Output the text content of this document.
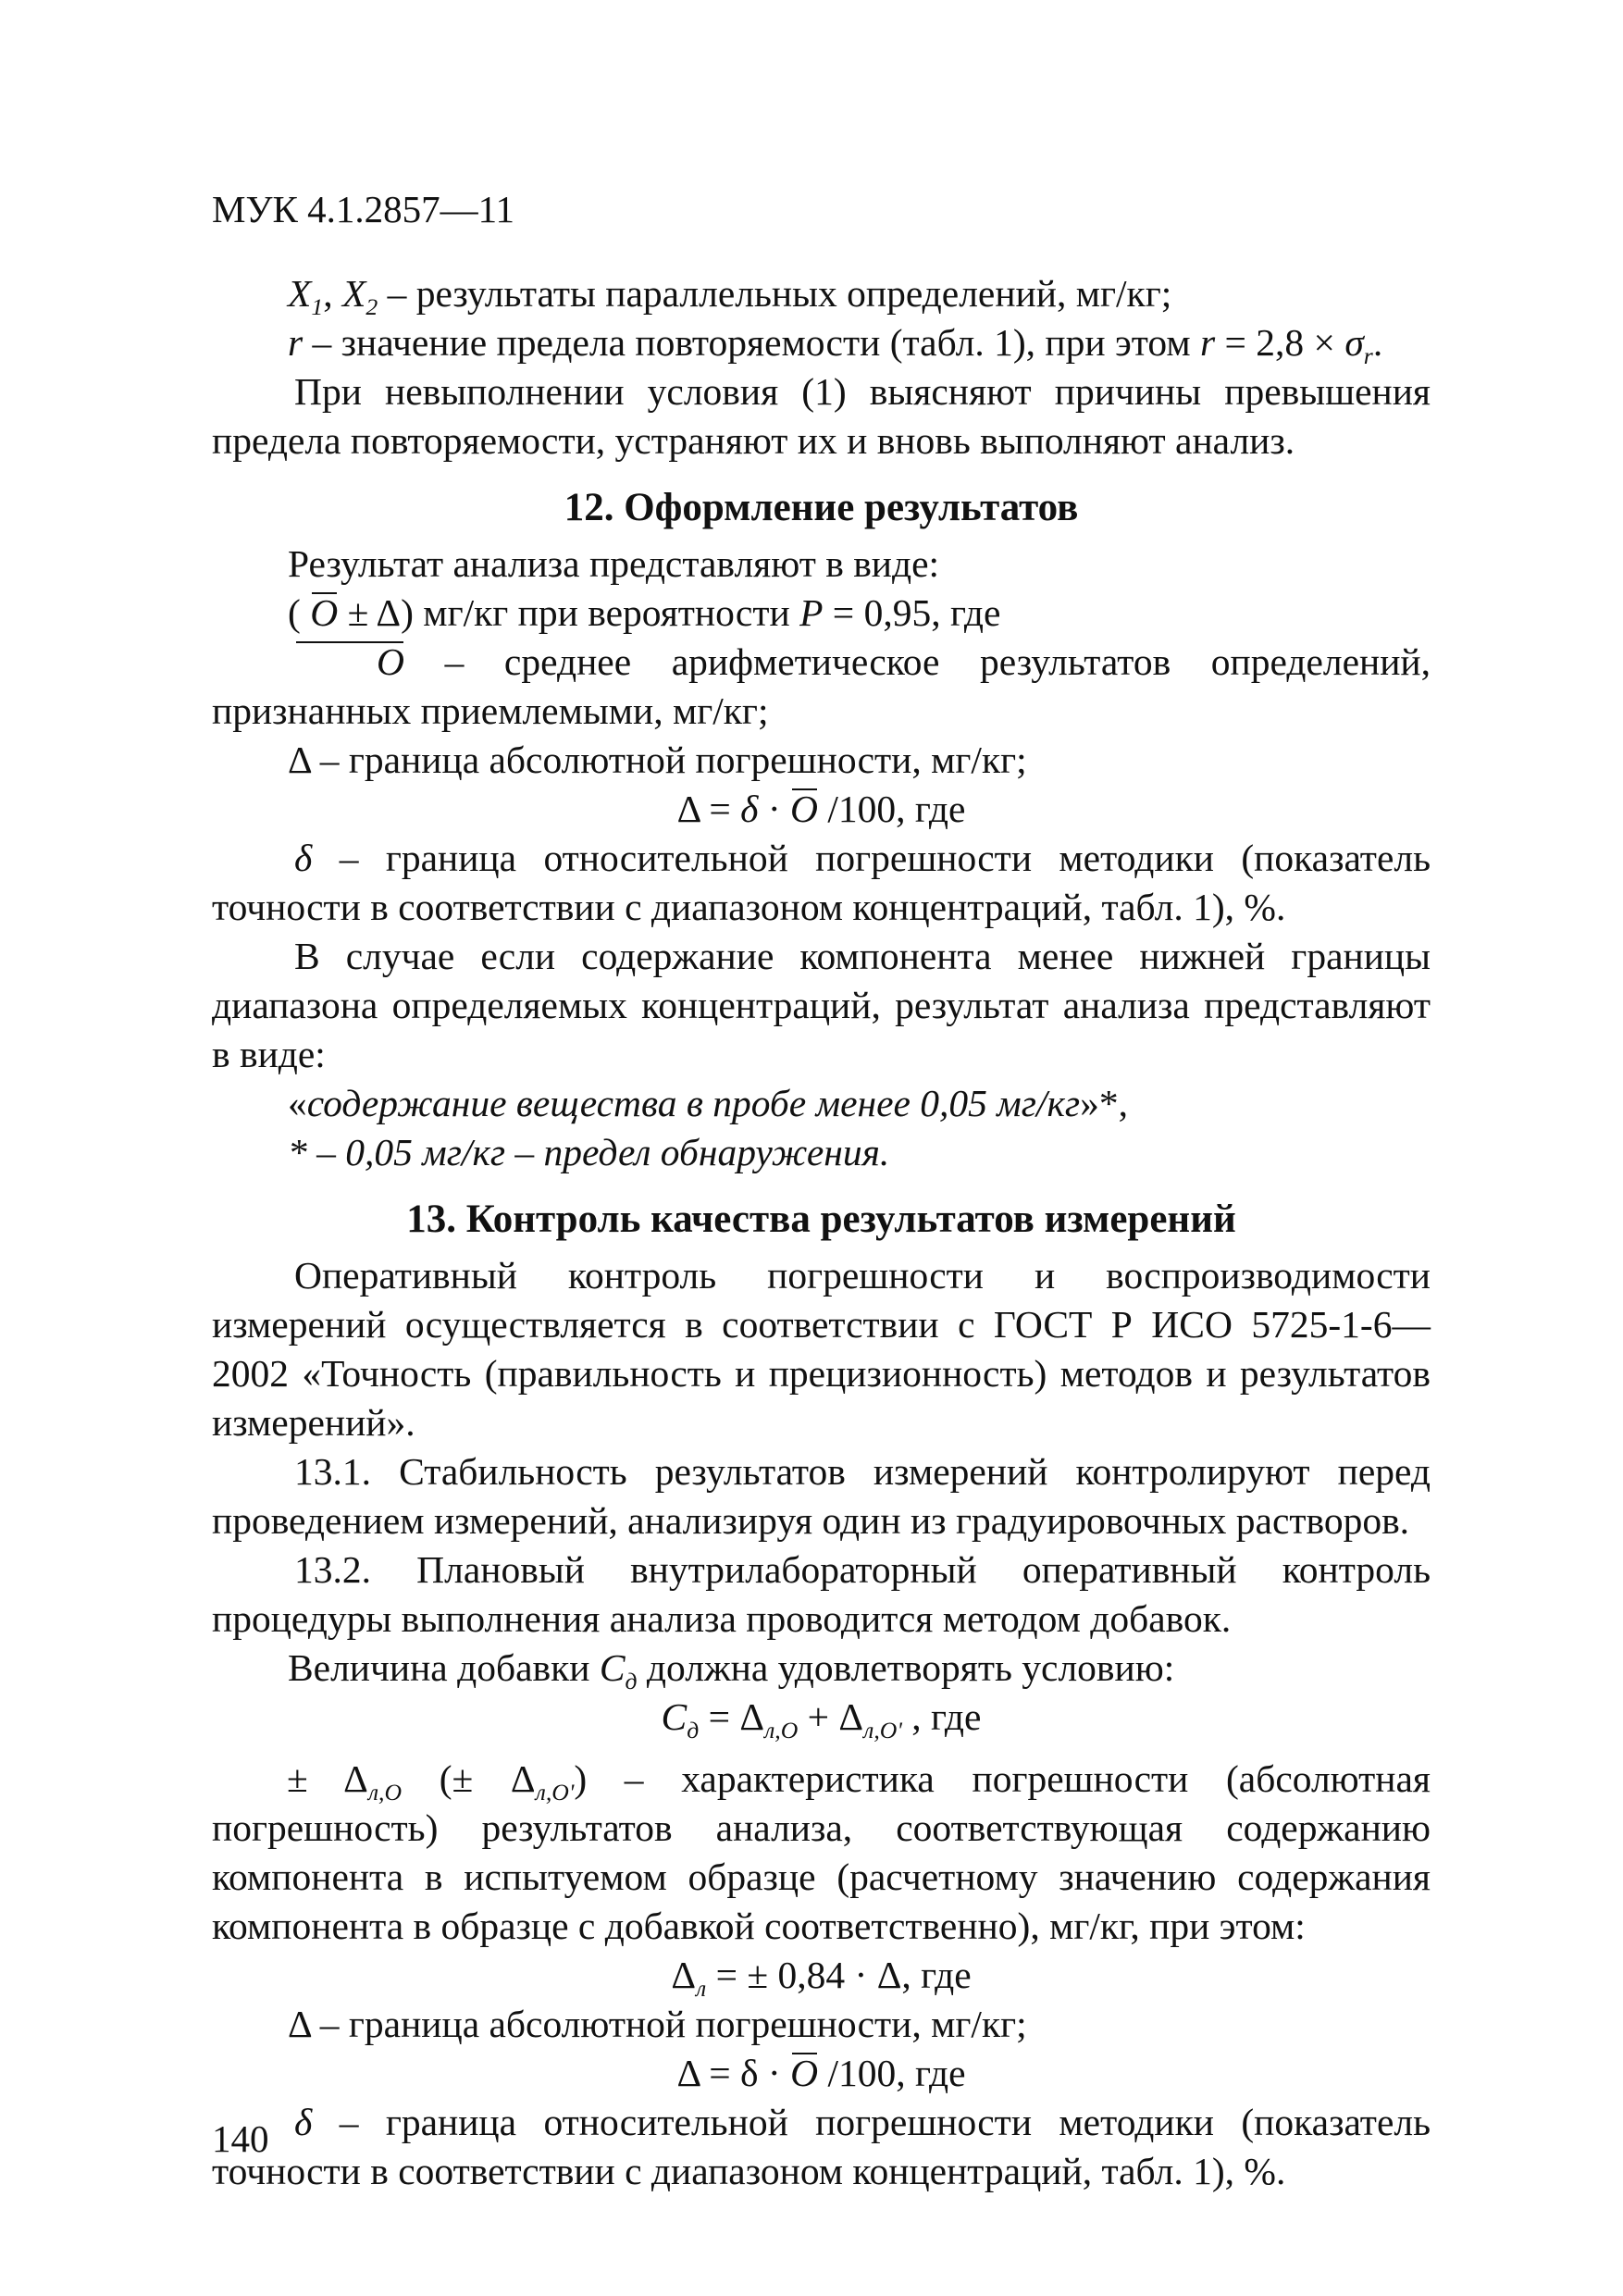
МУК 4.1.2857—11

$X_1$, $X_2$ – результаты параллельных определений, мг/кг;

r – значение предела повторяемости (табл. 1), при этом $r = 2,8 \times \sigma_r$.

При невыполнении условия (1) выясняют причины превышения предела повторяемости, устраняют их и вновь выполняют анализ.

12. Оформление результатов

Результат анализа представляют в виде:

( О ± Δ) мг/кг при вероятности P = 0,95, где

О – среднее арифметическое результатов определений, признанных приемлемыми, мг/кг;

Δ – граница абсолютной погрешности, мг/кг;

Δ = δ · О /100, где

δ – граница относительной погрешности методики (показатель точности в соответствии с диапазоном концентраций, табл. 1), %.

В случае если содержание компонента менее нижней границы диапазона определяемых концентраций, результат анализа представляют в виде:

«содержание вещества в пробе менее 0,05 мг/кг»*,

* – 0,05 мг/кг – предел обнаружения.

13. Контроль качества результатов измерений

Оперативный контроль погрешности и воспроизводимости измерений осуществляется в соответствии с ГОСТ Р ИСО 5725-1-6—2002 «Точность (правильность и прецизионность) методов и результатов измерений».

13.1. Стабильность результатов измерений контролируют перед проведением измерений, анализируя один из градуировочных растворов.

13.2. Плановый внутрилабораторный оперативный контроль процедуры выполнения анализа проводится методом добавок.

Величина добавки $C_д$ должна удовлетворять условию:

$C_д = \Delta_{л,О} + \Delta_{л,О'}$ , где

± $\Delta_{л,О}$ (± $\Delta_{л,О'}$) – характеристика погрешности (абсолютная погрешность) результатов анализа, соответствующая содержанию компонента в испытуемом образце (расчетному значению содержания компонента в образце с добавкой соответственно), мг/кг, при этом:

$\Delta_л$ = ± 0,84 · Δ, где

Δ – граница абсолютной погрешности, мг/кг;

Δ = δ · О /100, где

δ – граница относительной погрешности методики (показатель точности в соответствии с диапазоном концентраций, табл. 1), %.

140
